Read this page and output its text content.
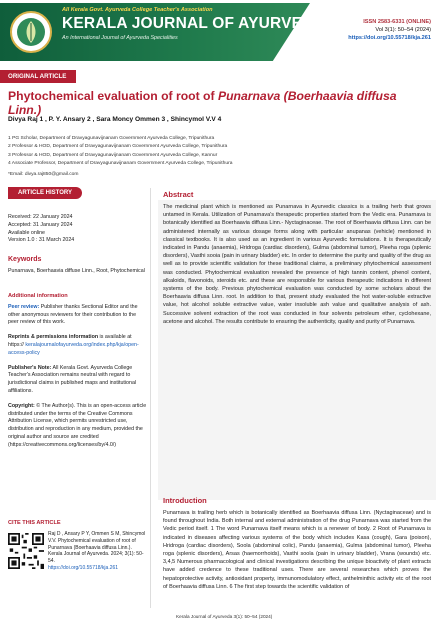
All Kerala Govt. Ayurveda College Teacher's Association
KERALA JOURNAL OF AYURVEDA
An International Journal of Ayurveda Specialities
ISSN 2583-6331 (ONLINE)
Vol 3(1): 50–54 (2024)
https://doi.org/10.55718/kja.261
ORIGINAL ARTICLE
Phytochemical evaluation of root of Punarnava (Boerhaavia diffusa Linn.)
Divya Raj 1 , P. Y. Ansary 2 , Sara Moncy Ommen 3 , Shincymol V.V 4
1 PG Scholar, Department of Dravyagunavijnanam Government Ayurveda College, Tripunithura
2 Professor & HOD, Department of Dravyagunavijnanam Government Ayurveda College, Tripunithura
3 Professor & HOD, Department of Dravyagunavijnanam Government Ayurveda College, Kannur
4 Associate Professor, Department of Dravyagunavijnanam Government Ayurveda College, Tripunithura
*Email: divya.raj850@gmail.com
ARTICLE HISTORY
Received: 22 January 2024
Accepted: 31 January 2024
Available online
Version 1.0 : 31 March 2024
Keywords
Punarnava, Boerhaavia diffuse Linn., Root, Phytochemical
Additional information
Peer review: Publisher thanks Sectional Editor and the other anonymous reviewers for their contribution to the peer review of this work.
Reprints & permissions information is available at https:// keralajournalofayurveda.org/index.php/kja/open-access-policy
Publisher's Note: All Kerala Govt. Ayurveda College Teacher's Association remains neutral with regard to jurisdictional claims in published maps and institutional affiliations.
Copyright: © The Author(s). This is an open-access article distributed under the terms of the Creative Commons Attribution License, which permits unrestricted use, distribution and reproduction in any medium, provided the original author and source are credited (https://creativecommons.org/licenses/by/4.0/)
CITE THIS ARTICLE
Raj D , Ansary P Y, Ommen S M, Shincymol V.V. Phytochemical evaluation of root of Punarnava (Boerhaavia diffusa Linn.). Kerala Journal of Ayurveda. 2024; 3(1): 50-54.
https://doi.org/10.55718/kja.261
Abstract
The medicinal plant which is mentioned as Punarnava in Ayurvedic classics is a trailing herb that grows untamed in Kerala. Utilization of Punarnava's therapeutic properties started from the Vedic era. Punarnava is botanically identified as Boerhaavia diffusa Linn.- Nyctaginaceae. The root of Boerhaavia diffusa Linn. can be administered internally as various dosage forms along with particular anupanas (vehicle) mentioned in classical textbooks. It is also used as an ingredient in various Ayurvedic formulations. It is therapeutically indicated in Pandu (anaemia), Hridroga (cardiac disorders), Gulma (abdominal tumor), Pleeha roga (splenic disorders), Vasthi sooia (pain in urinary bladder) etc. In order to determine the purity and quality of the drug as well as to provide scientific validation for these traditional claims, a preliminary phytochemical assessment was conducted. Phytochemical evaluation revealed the presence of high tannin content, phenol content, alkaloids, flavonoids, steroids etc. and these are responsible for various therapeutic indications in different systems of the body. Previous phytochemical evaluation was conducted by some scholars about the Boerhaavia diffusa Linn. root. In addition to that, present study evaluated the hot water-soluble extractive value, hot alcohol soluble extractive value, water insoluble ash value and qualitative analysis of ash. Successive solvent extraction of the root was conducted in four solvents petroleum ether, cyclohexane, acetone and alcohol. The results contribute to ensuring the authenticity, quality and purity of Punarnava.
Introduction
Punarnava is trailing herb which is botanically identified as Boerhaavia diffusa Linn. (Nyctaginaceae) and is found throughout India. Both internal and external administration of the drug Punarnava was started from the Vedic period itself. 1 The word Punarnava itself means which is a renewer of body. 2 Root of Punarnava is indicated in diseases affecting various systems of the body which includes Kasa (cough), Gara (poison), Hridroga (cardiac disorders), Soola (abdominal colic), Pandu (anaemia), Gulma (abdominal tumor), Pleeha roga (splenic disorders), Arsas (haemorrhoids), Vasthi soola (pain in urinary bladder), Vrana (wounds) etc. 3,4,5 Numerous pharmacological and clinical investigations describing the unique bioactivity of plant extracts have added credence to these traditional uses. There are several researches which proves the hepatoprotective activity, antioxidant property, immunomodulatory effect, anthelminthic activity etc of the root of Boerhaavia diffusa Linn. 6 The first step towards the scientific validation of
Kerala Journal of Ayurveda 3(1): 50–54 (2024)
